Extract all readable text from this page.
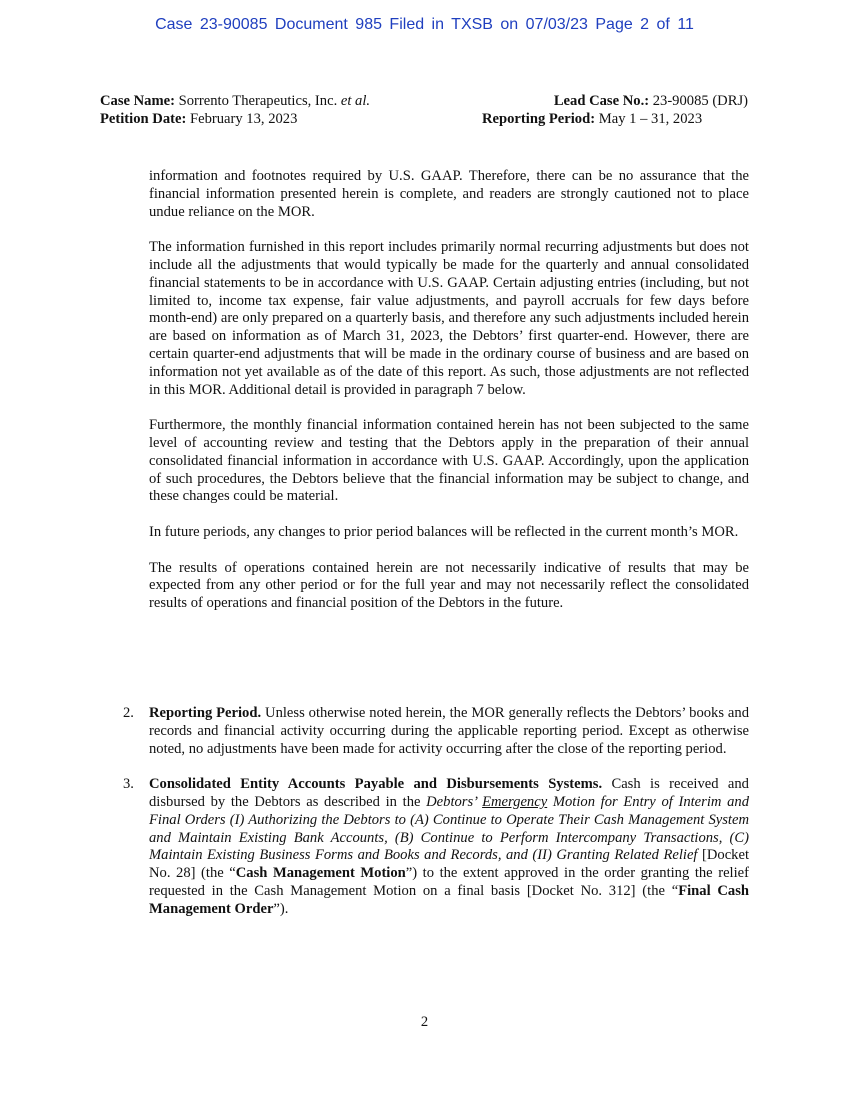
Case 23-90085 Document 985 Filed in TXSB on 07/03/23 Page 2 of 11
Case Name: Sorrento Therapeutics, Inc. et al.	Lead Case No.: 23-90085 (DRJ)
Petition Date: February 13, 2023	Reporting Period: May 1 – 31, 2023

information and footnotes required by U.S. GAAP. Therefore, there can be no assurance that the financial information presented herein is complete, and readers are strongly cautioned not to place undue reliance on the MOR.

The information furnished in this report includes primarily normal recurring adjustments but does not include all the adjustments that would typically be made for the quarterly and annual consolidated financial statements to be in accordance with U.S. GAAP. Certain adjusting entries (including, but not limited to, income tax expense, fair value adjustments, and payroll accruals for few days before month-end) are only prepared on a quarterly basis, and therefore any such adjustments included herein are based on information as of March 31, 2023, the Debtors’ first quarter-end. However, there are certain quarter-end adjustments that will be made in the ordinary course of business and are based on information not yet available as of the date of this report. As such, those adjustments are not reflected in this MOR. Additional detail is provided in paragraph 7 below.

Furthermore, the monthly financial information contained herein has not been subjected to the same level of accounting review and testing that the Debtors apply in the preparation of their annual consolidated financial information in accordance with U.S. GAAP. Accordingly, upon the application of such procedures, the Debtors believe that the financial information may be subject to change, and these changes could be material.

In future periods, any changes to prior period balances will be reflected in the current month’s MOR.

The results of operations contained herein are not necessarily indicative of results that may be expected from any other period or for the full year and may not necessarily reflect the consolidated results of operations and financial position of the Debtors in the future.

2. Reporting Period. Unless otherwise noted herein, the MOR generally reflects the Debtors’ books and records and financial activity occurring during the applicable reporting period. Except as otherwise noted, no adjustments have been made for activity occurring after the close of the reporting period.
3. Consolidated Entity Accounts Payable and Disbursements Systems. Cash is received and disbursed by the Debtors as described in the Debtors’ Emergency Motion for Entry of Interim and Final Orders (I) Authorizing the Debtors to (A) Continue to Operate Their Cash Management System and Maintain Existing Bank Accounts, (B) Continue to Perform Intercompany Transactions, (C) Maintain Existing Business Forms and Books and Records, and (II) Granting Related Relief [Docket No. 28] (the “Cash Management Motion”) to the extent approved in the order granting the relief requested in the Cash Management Motion on a final basis [Docket No. 312] (the “Final Cash Management Order”).
2
